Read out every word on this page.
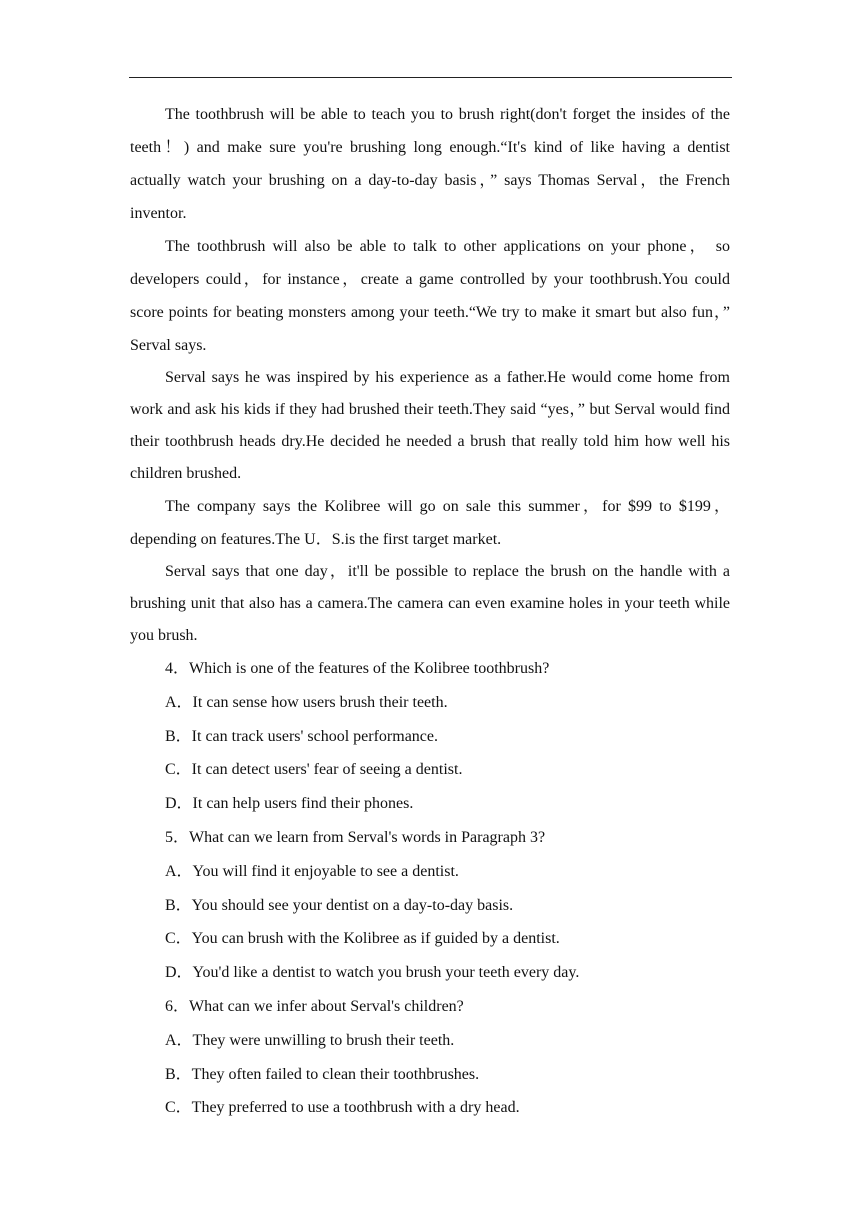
The toothbrush will be able to teach you to brush right(don't forget the insides of the teeth！) and make sure you're brushing long enough.“It's kind of like having a dentist actually watch your brushing on a day-to-day basis，” says Thomas Serval，the French inventor.

The toothbrush will also be able to talk to other applications on your phone， so developers could，for instance，create a game controlled by your toothbrush.You could score points for beating monsters among your teeth.“We try to make it smart but also fun，” Serval says.

Serval says he was inspired by his experience as a father.He would come home from work and ask his kids if they had brushed their teeth.They said “yes，” but Serval would find their toothbrush heads dry.He decided he needed a brush that really told him how well his children brushed.

The company says the Kolibree will go on sale this summer，for $99 to $199，depending on features.The U．S.is the first target market.

Serval says that one day，it'll be possible to replace the brush on the handle with a brushing unit that also has a camera.The camera can even examine holes in your teeth while you brush.

4．Which is one of the features of the Kolibree toothbrush?

A．It can sense how users brush their teeth.

B．It can track users' school performance.

C．It can detect users' fear of seeing a dentist.

D．It can help users find their phones.

5．What can we learn from Serval's words in Paragraph 3?

A．You will find it enjoyable to see a dentist.

B．You should see your dentist on a day-to-day basis.

C．You can brush with the Kolibree as if guided by a dentist.

D．You'd like a dentist to watch you brush your teeth every day.

6．What can we infer about Serval's children?

A．They were unwilling to brush their teeth.

B．They often failed to clean their toothbrushes.

C．They preferred to use a toothbrush with a dry head.
